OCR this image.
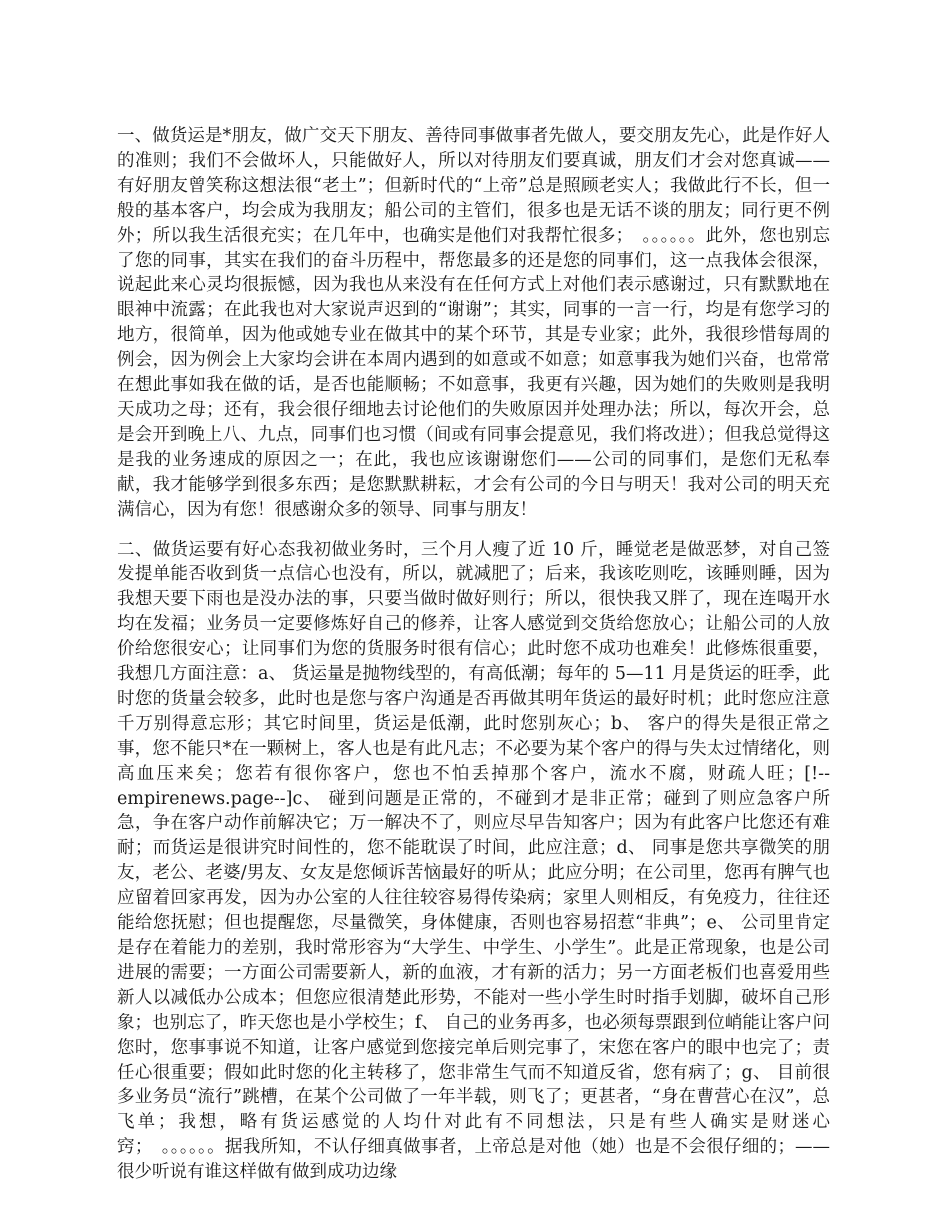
一、做货运是*朋友，做广交天下朋友、善待同事做事者先做人，要交朋友先心，此是作好人的准则；我们不会做坏人，只能做好人，所以对待朋友们要真诚，朋友们才会对您真诚——有好朋友曾笑称这想法很“老土”；但新时代的“上帝”总是照顾老实人；我做此行不长，但一般的基本客户，均会成为我朋友；船公司的主管们，很多也是无话不谈的朋友；同行更不例外；所以我生活很充实；在几年中，也确实是他们对我帮忙很多；　。。。。。。此外，您也别忘了您的同事，其实在我们的奋斗历程中，帮您最多的还是您的同事们，这一点我体会很深，说起此来心灵均很振憾，因为我也从来没有在任何方式上对他们表示感谢过，只有默默地在眼神中流露；在此我也对大家说声迟到的“谢谢”；其实，同事的一言一行，均是有您学习的地方，很简单，因为他或她专业在做其中的某个环节，其是专业家；此外，我很珍惜每周的例会，因为例会上大家均会讲在本周内遇到的如意或不如意；如意事我为她们兴奋，也常常在想此事如我在做的话，是否也能顺畅；不如意事，我更有兴趣，因为她们的失败则是我明天成功之母；还有，我会很仔细地去讨论他们的失败原因并处理办法；所以，每次开会，总是会开到晚上八、九点，同事们也习惯（间或有同事会提意见，我们将改进）；但我总觉得这是我的业务速成的原因之一；在此，我也应该谢谢您们——公司的同事们，是您们无私奉献，我才能够学到很多东西；是您默默耕耘，才会有公司的今日与明天！我对公司的明天充满信心，因为有您！很感谢众多的领导、同事与朋友！

二、做货运要有好心态我初做业务时，三个月人瘦了近 10 斤，睡觉老是做恶梦，对自己签发提单能否收到货一点信心也没有，所以，就减肥了；后来，我该吃则吃，该睡则睡，因为我想天要下雨也是没办法的事，只要当做时做好则行；所以，很快我又胖了，现在连喝开水均在发福；业务员一定要修炼好自己的修养，让客人感觉到交货给您放心；让船公司的人放价给您很安心；让同事们为您的货服务时很有信心；此时您不成功也难矣！此修炼很重要，我想几方面注意：a、 货运量是抛物线型的，有高低潮；每年的 5—11 月是货运的旺季，此时您的货量会较多，此时也是您与客户沟通是否再做其明年货运的最好时机；此时您应注意千万别得意忘形；其它时间里，货运是低潮，此时您别灰心；b、 客户的得失是很正常之事，您不能只*在一颗树上，客人也是有此凡志；不必要为某个客户的得与失太过情绪化，则高血压来矣；您若有很你客户，您也不怕丢掉那个客户，流水不腐，财疏人旺；[!--empirenews.page--]c、 碰到问题是正常的，不碰到才是非正常；碰到了则应急客户所急，争在客户动作前解决它；万一解决不了，则应尽早告知客户；因为有此客户比您还有难耐；而货运是很讲究时间性的，您不能耽误了时间，此应注意；d、 同事是您共享微笑的朋友，老公、老婆/男友、女友是您倾诉苦恼最好的听从；此应分明；在公司里，您再有脾气也应留着回家再发，因为办公室的人往往较容易得传染病；家里人则相反，有免疫力，往往还能给您抚慰；但也提醒您，尽量微笑，身体健康，否则也容易招惹“非典”；e、 公司里肯定是存在着能力的差别，我时常形容为“大学生、中学生、小学生”。此是正常现象，也是公司进展的需要；一方面公司需要新人，新的血液，才有新的活力；另一方面老板们也喜爱用些新人以减低办公成本；但您应很清楚此形势，不能对一些小学生时时指手划脚，破坏自己形象；也别忘了，昨天您也是小学校生；f、 自己的业务再多，也必须每票跟到位峭能让客户问您时，您事事说不知道，让客户感觉到您接完单后则完事了，宋您在客户的眼中也完了；责任心很重要；假如此时您的化主转移了，您非常生气而不知道反省，您有病了；g、 目前很多业务员“流行”跳槽，在某个公司做了一年半载，则飞了；更甚者，“身在曹营心在汉”，总飞单；我想，略有货运感觉的人均什对此有不同想法，只是有些人确实是财迷心窍；　。。。。。。据我所知，不认仔细真做事者，上帝总是对他（她）也是不会很仔细的；——很少听说有谁这样做有做到成功边缘
